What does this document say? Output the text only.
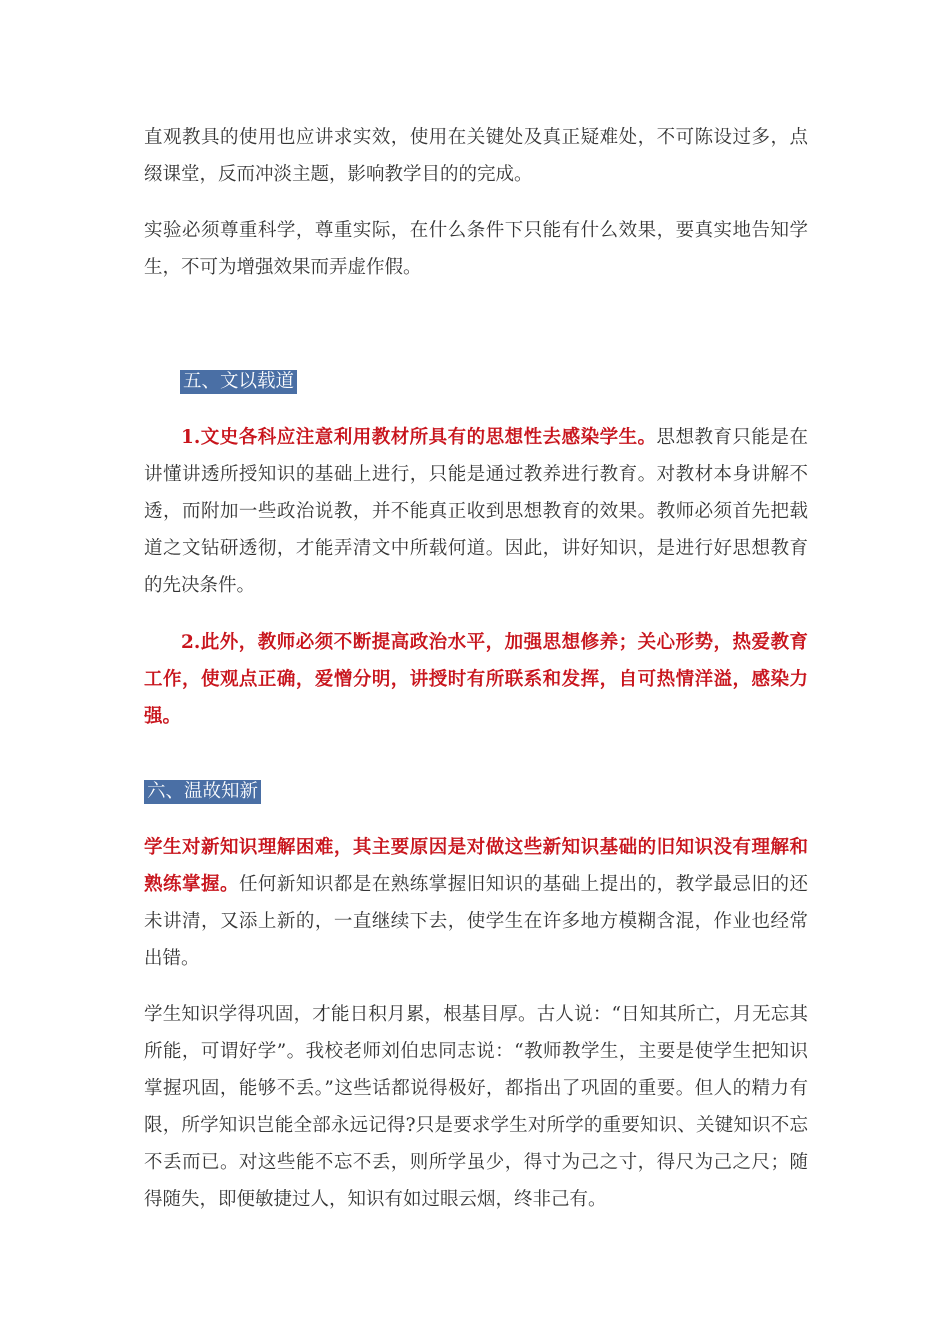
直观教具的使用也应讲求实效，使用在关键处及真正疑难处，不可陈设过多，点缀课堂，反而冲淡主题，影响教学目的的完成。

实验必须尊重科学，尊重实际，在什么条件下只能有什么效果，要真实地告知学生，不可为增强效果而弄虚作假。

五、文以载道

1.文史各科应注意利用教材所具有的思想性去感染学生。思想教育只能是在讲懂讲透所授知识的基础上进行，只能是通过教养进行教育。对教材本身讲解不透，而附加一些政治说教，并不能真正收到思想教育的效果。教师必须首先把载道之文钻研透彻，才能弄清文中所载何道。因此，讲好知识，是进行好思想教育的先决条件。

2.此外，教师必须不断提高政治水平，加强思想修养；关心形势，热爱教育工作，使观点正确，爱憎分明，讲授时有所联系和发挥，自可热情洋溢，感染力强。

六、温故知新

学生对新知识理解困难，其主要原因是对做这些新知识基础的旧知识没有理解和熟练掌握。任何新知识都是在熟练掌握旧知识的基础上提出的，教学最忌旧的还未讲清，又添上新的，一直继续下去，使学生在许多地方模糊含混，作业也经常出错。

学生知识学得巩固，才能日积月累，根基目厚。古人说：“日知其所亡，月无忘其所能，可谓好学”。我校老师刘伯忠同志说：“教师教学生，主要是使学生把知识掌握巩固，能够不丢。”这些话都说得极好，都指出了巩固的重要。但人的精力有限，所学知识岂能全部永远记得?只是要求学生对所学的重要知识、关键知识不忘不丢而已。对这些能不忘不丢，则所学虽少，得寸为己之寸，得尺为己之尺；随得随失，即便敏捷过人，知识有如过眼云烟，终非己有。
